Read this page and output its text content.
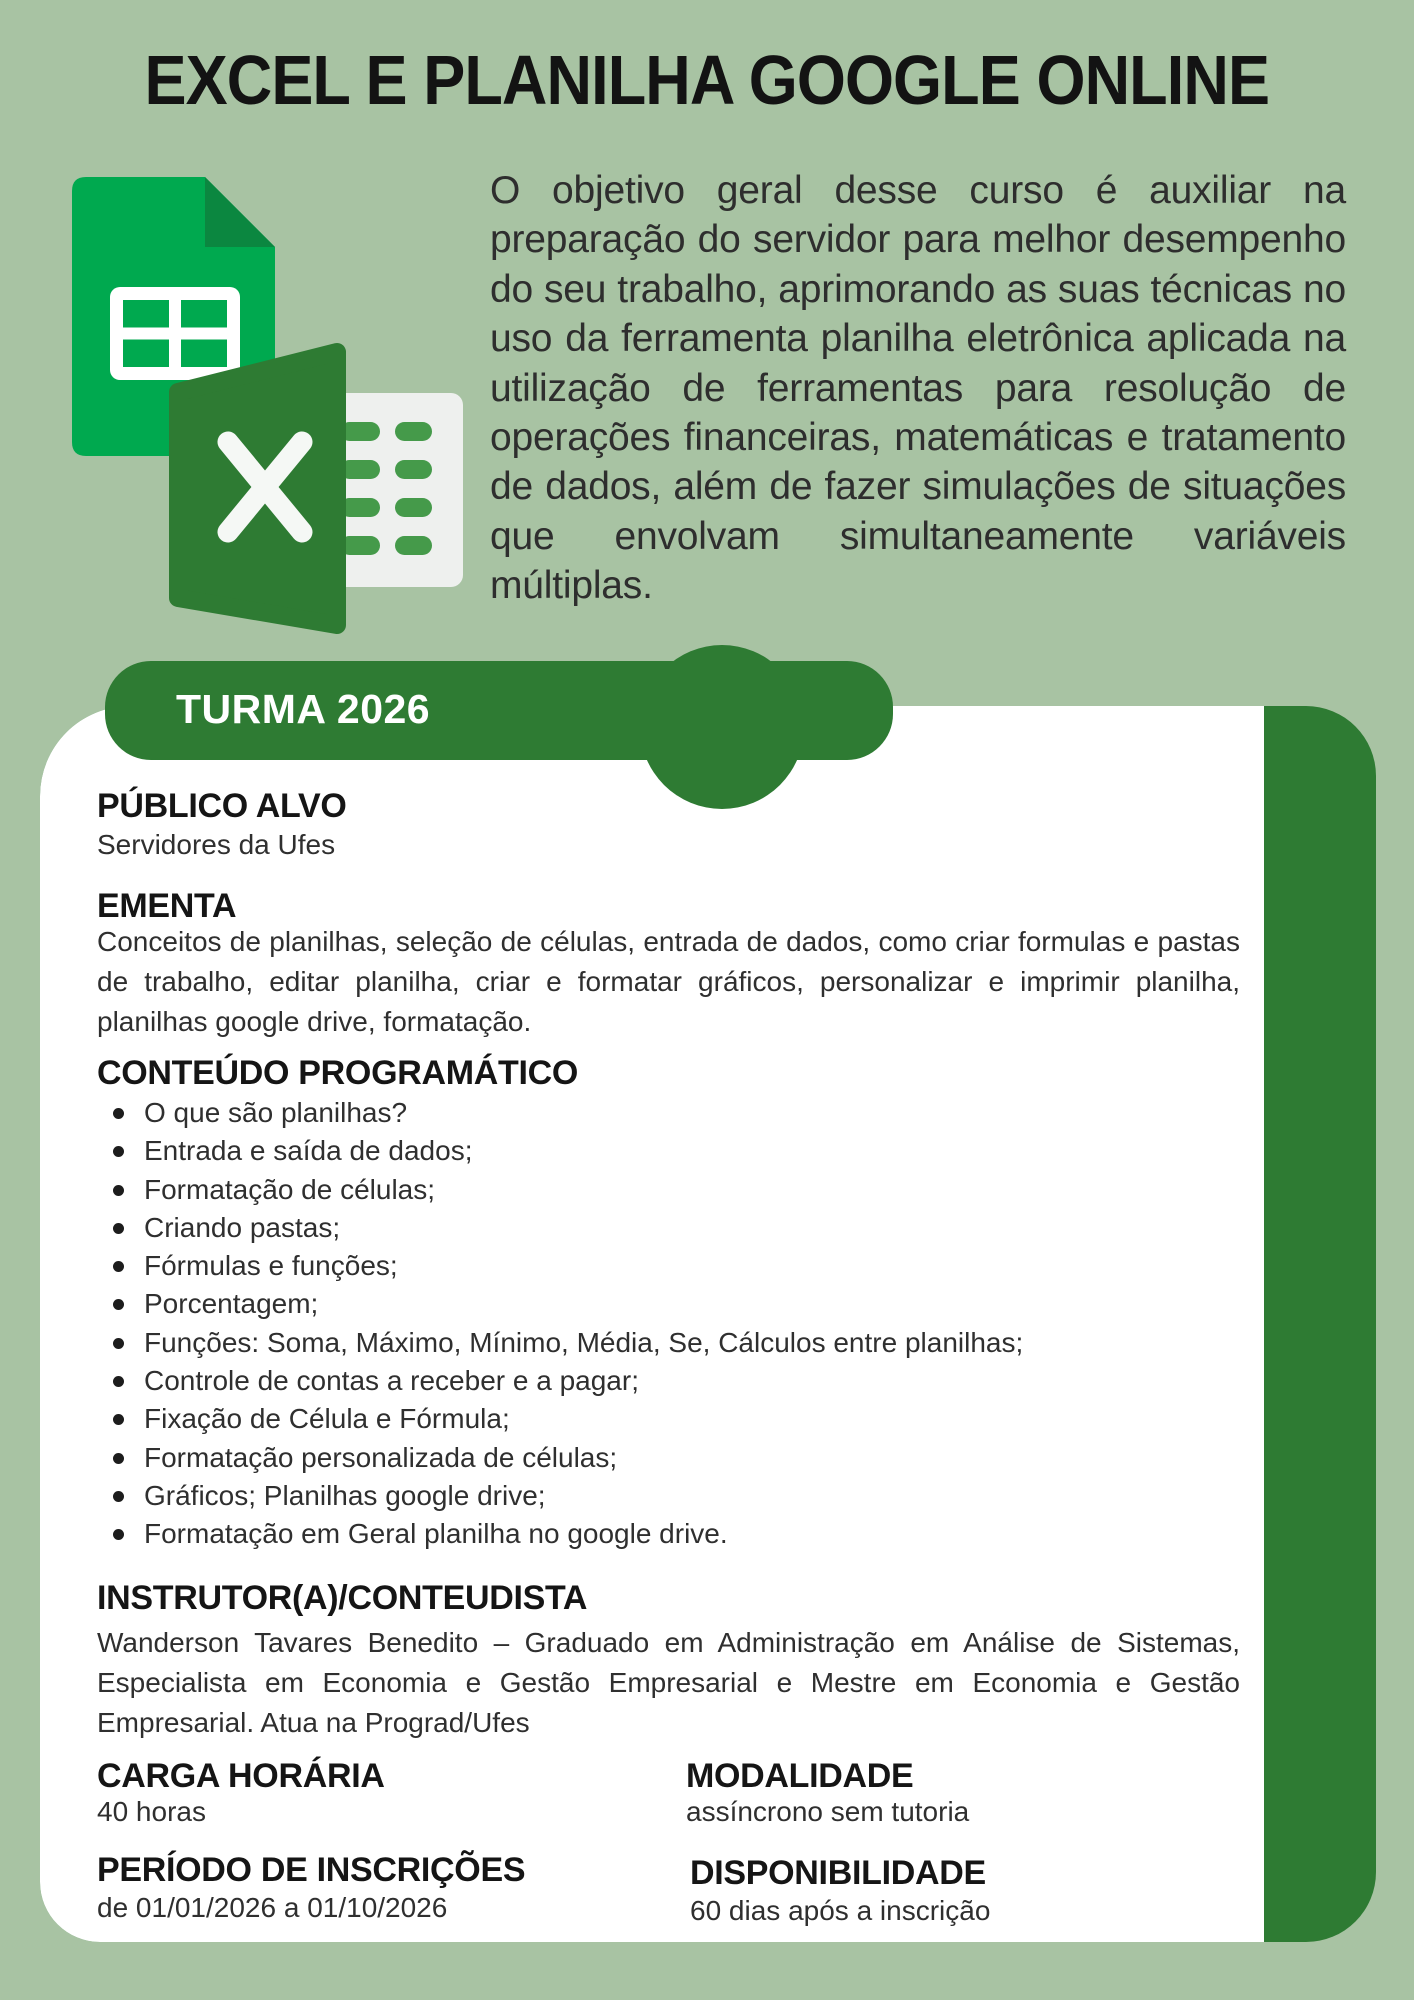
EXCEL E PLANILHA GOOGLE ONLINE
O objetivo geral desse curso é auxiliar na preparação do servidor para melhor desempenho do seu trabalho, aprimorando as suas técnicas no uso da ferramenta planilha eletrônica aplicada na utilização de ferramentas para resolução de operações financeiras, matemáticas e tratamento de dados, além de fazer simulações de situações que envolvam simultaneamente variáveis múltiplas.
TURMA 2026
PÚBLICO ALVO
Servidores da Ufes
EMENTA
Conceitos de planilhas, seleção de células, entrada de dados, como criar formulas e pastas de trabalho, editar planilha, criar e formatar gráficos, personalizar e imprimir planilha, planilhas google drive, formatação.
CONTEÚDO PROGRAMÁTICO
O que são planilhas?
Entrada e saída de dados;
Formatação de células;
Criando pastas;
Fórmulas e funções;
Porcentagem;
Funções: Soma, Máximo, Mínimo, Média, Se, Cálculos entre planilhas;
Controle de contas a receber e a pagar;
Fixação de Célula e Fórmula;
Formatação personalizada de células;
Gráficos; Planilhas google drive;
Formatação em Geral planilha no google drive.
INSTRUTOR(A)/CONTEUDISTA
Wanderson Tavares Benedito – Graduado em Administração em Análise de Sistemas, Especialista em Economia e Gestão Empresarial e Mestre em Economia e Gestão Empresarial. Atua na Prograd/Ufes
CARGA HORÁRIA
40 horas
MODALIDADE
assíncrono sem tutoria
PERÍODO DE INSCRIÇÕES
de 01/01/2026 a 01/10/2026
DISPONIBILIDADE
60 dias após a inscrição
